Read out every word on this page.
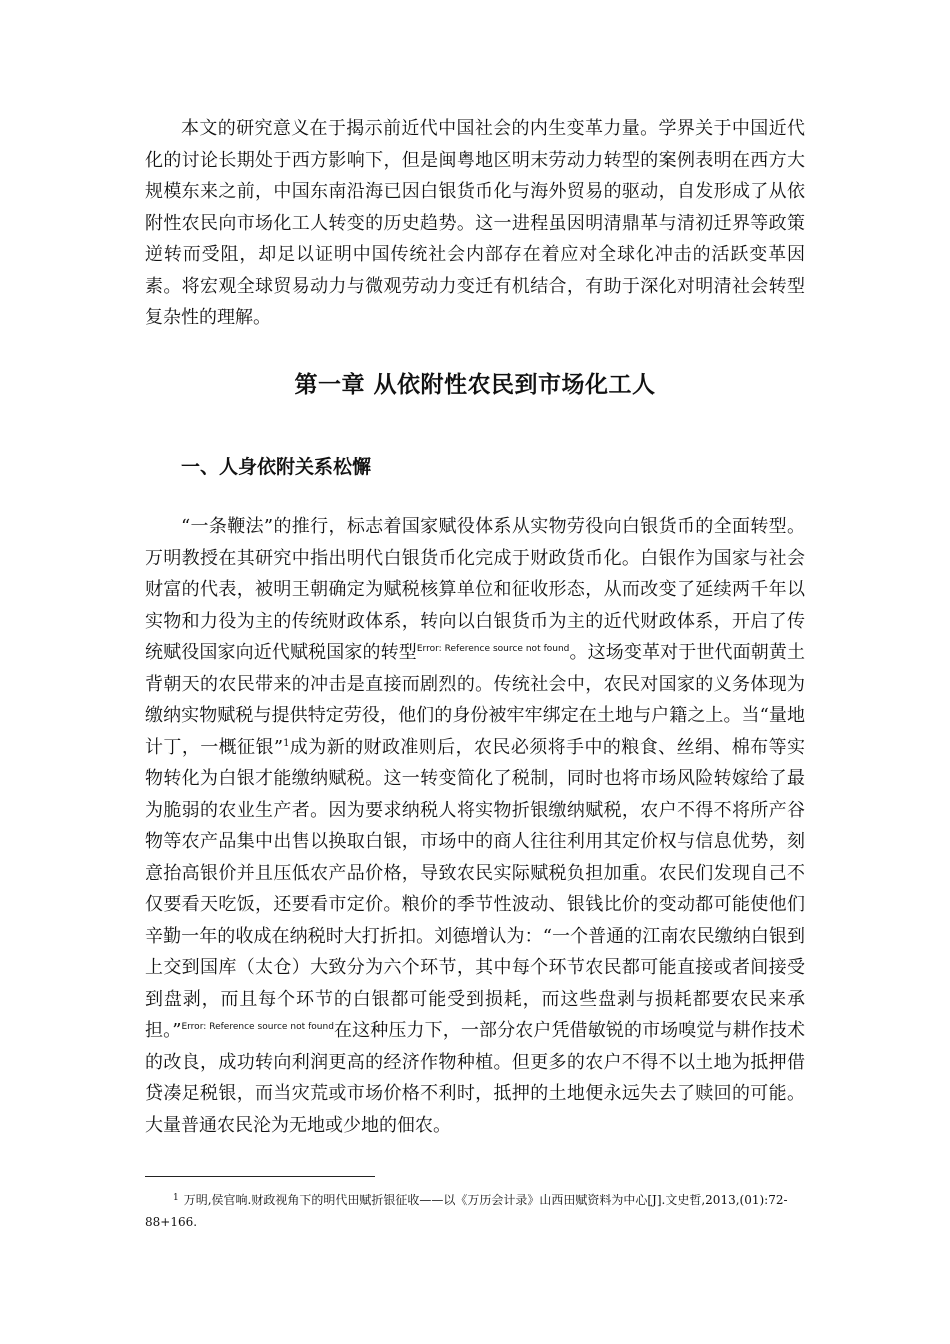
本文的研究意义在于揭示前近代中国社会的内生变革力量。学界关于中国近代化的讨论长期处于西方影响下，但是闽粤地区明末劳动力转型的案例表明在西方大规模东来之前，中国东南沿海已因白银货币化与海外贸易的驱动，自发形成了从依附性农民向市场化工人转变的历史趋势。这一进程虽因明清鼎革与清初迁界等政策逆转而受阻，却足以证明中国传统社会内部存在着应对全球化冲击的活跃变革因素。将宏观全球贸易动力与微观劳动力变迁有机结合，有助于深化对明清社会转型复杂性的理解。

第一章 从依附性农民到市场化工人
一、人身依附关系松懈

“一条鞭法”的推行，标志着国家赋役体系从实物劳役向白银货币的全面转型。万明教授在其研究中指出明代白银货币化完成于财政货币化。白银作为国家与社会财富的代表，被明王朝确定为赋税核算单位和征收形态，从而改变了延续两千年以实物和力役为主的传统财政体系，转向以白银货币为主的近代财政体系，开启了传统赋役国家向近代赋税国家的转型$^{Error: Reference source not found}$。这场变革对于世代面朝黄土背朝天的农民带来的冲击是直接而剧烈的。传统社会中，农民对国家的义务体现为缴纳实物赋税与提供特定劳役，他们的身份被牢牢绑定在土地与户籍之上。当“量地计丁，一概征银”$^1$成为新的财政准则后，农民必须将手中的粮食、丝绢、棉布等实物转化为白银才能缴纳赋税。这一转变简化了税制，同时也将市场风险转嫁给了最为脆弱的农业生产者。因为要求纳税人将实物折银缴纳赋税，农户不得不将所产谷物等农产品集中出售以换取白银，市场中的商人往往利用其定价权与信息优势，刻意抬高银价并且压低农产品价格，导致农民实际赋税负担加重。农民们发现自己不仅要看天吃饭，还要看市定价。粮价的季节性波动、银钱比价的变动都可能使他们辛勤一年的收成在纳税时大打折扣。刘德增认为：“一个普通的江南农民缴纳白银到上交到国库（太仓）大致分为六个环节，其中每个环节农民都可能直接或者间接受到盘剥，而且每个环节的白银都可能受到损耗，而这些盘剥与损耗都要农民来承担。”$^{Error: Reference source not found}$在这种压力下，一部分农户凭借敏锐的市场嗅觉与耕作技术的改良，成功转向利润更高的经济作物种植。但更多的农户不得不以土地为抵押借贷凑足税银，而当灾荒或市场价格不利时，抵押的土地便永远失去了赎回的可能。大量普通农民沦为无地或少地的佃农。

$^1$ 万明,侯官响.财政视角下的明代田赋折银征收——以《万历会计录》山西田赋资料为中心[J].文史哲,2013,(01):72-88+166.
